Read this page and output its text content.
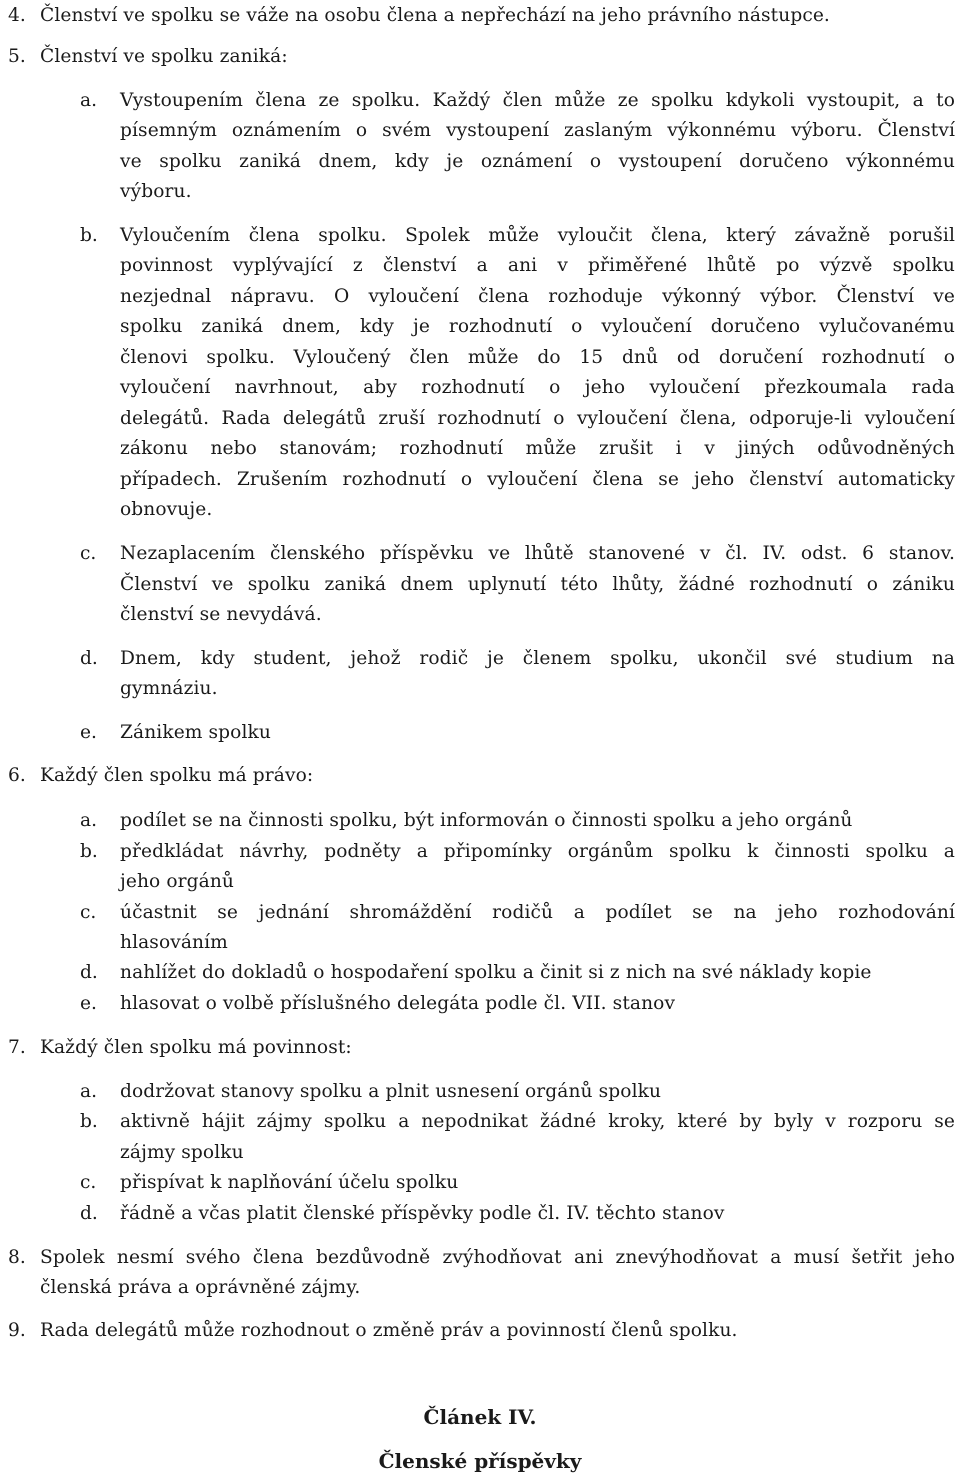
4. Členství ve spolku se váže na osobu člena a nepřechází na jeho právního nástupce.
5. Členství ve spolku zaniká:
a. Vystoupením člena ze spolku. Každý člen může ze spolku kdykoli vystoupit, a to
písemným oznámením o svém vystoupení zaslaným výkonnému výboru. Členství
ve spolku zaniká dnem, kdy je oznámení o vystoupení doručeno výkonnému
výboru.
b. Vyloučením člena spolku. Spolek může vyloučit člena, který závažně porušil
povinnost vyplývající z členství a ani v přiměřené lhůtě po výzvě spolku
nezjednal nápravu. O vyloučení člena rozhoduje výkonný výbor. Členství ve
spolku zaniká dnem, kdy je rozhodnutí o vyloučení doručeno vylučovanému
členovi spolku. Vyloučený člen může do 15 dnů od doručení rozhodnutí o
vyloučení navrhnout, aby rozhodnutí o jeho vyloučení přezkoumala rada
delegátů. Rada delegátů zruší rozhodnutí o vyloučení člena, odporuje-li vyloučení
zákonu nebo stanovám; rozhodnutí může zrušit i v jiných odůvodněných
případech. Zrušením rozhodnutí o vyloučení člena se jeho členství automaticky
obnovuje.
c. Nezaplacením členského příspěvku ve lhůtě stanovené v čl. IV. odst. 6 stanov.
Členství ve spolku zaniká dnem uplynutí této lhůty, žádné rozhodnutí o zániku
členství se nevydává.
d. Dnem, kdy student, jehož rodič je členem spolku, ukončil své studium na
gymnáziu.
e. Zánikem spolku
6. Každý člen spolku má právo:
a. podílet se na činnosti spolku, být informován o činnosti spolku a jeho orgánů
b. předkládat návrhy, podněty a připomínky orgánům spolku k činnosti spolku a
jeho orgánů
c. účastnit se jednání shromáždění rodičů a podílet se na jeho rozhodování
hlasováním
d. nahlížet do dokladů o hospodaření spolku a činit si z nich na své náklady kopie
e. hlasovat o volbě příslušného delegáta podle čl. VII. stanov
7. Každý člen spolku má povinnost:
a. dodržovat stanovy spolku a plnit usnesení orgánů spolku
b. aktivně hájit zájmy spolku a nepodnikat žádné kroky, které by byly v rozporu se
zájmy spolku
c. přispívat k naplňování účelu spolku
d. řádně a včas platit členské příspěvky podle čl. IV. těchto stanov
8. Spolek nesmí svého člena bezdůvodně zvýhodňovat ani znevýhodňovat a musí šetřit jeho
členská práva a oprávněné zájmy.
9. Rada delegátů může rozhodnout o změně práv a povinností členů spolku.
Článek IV.
Členské příspěvky
